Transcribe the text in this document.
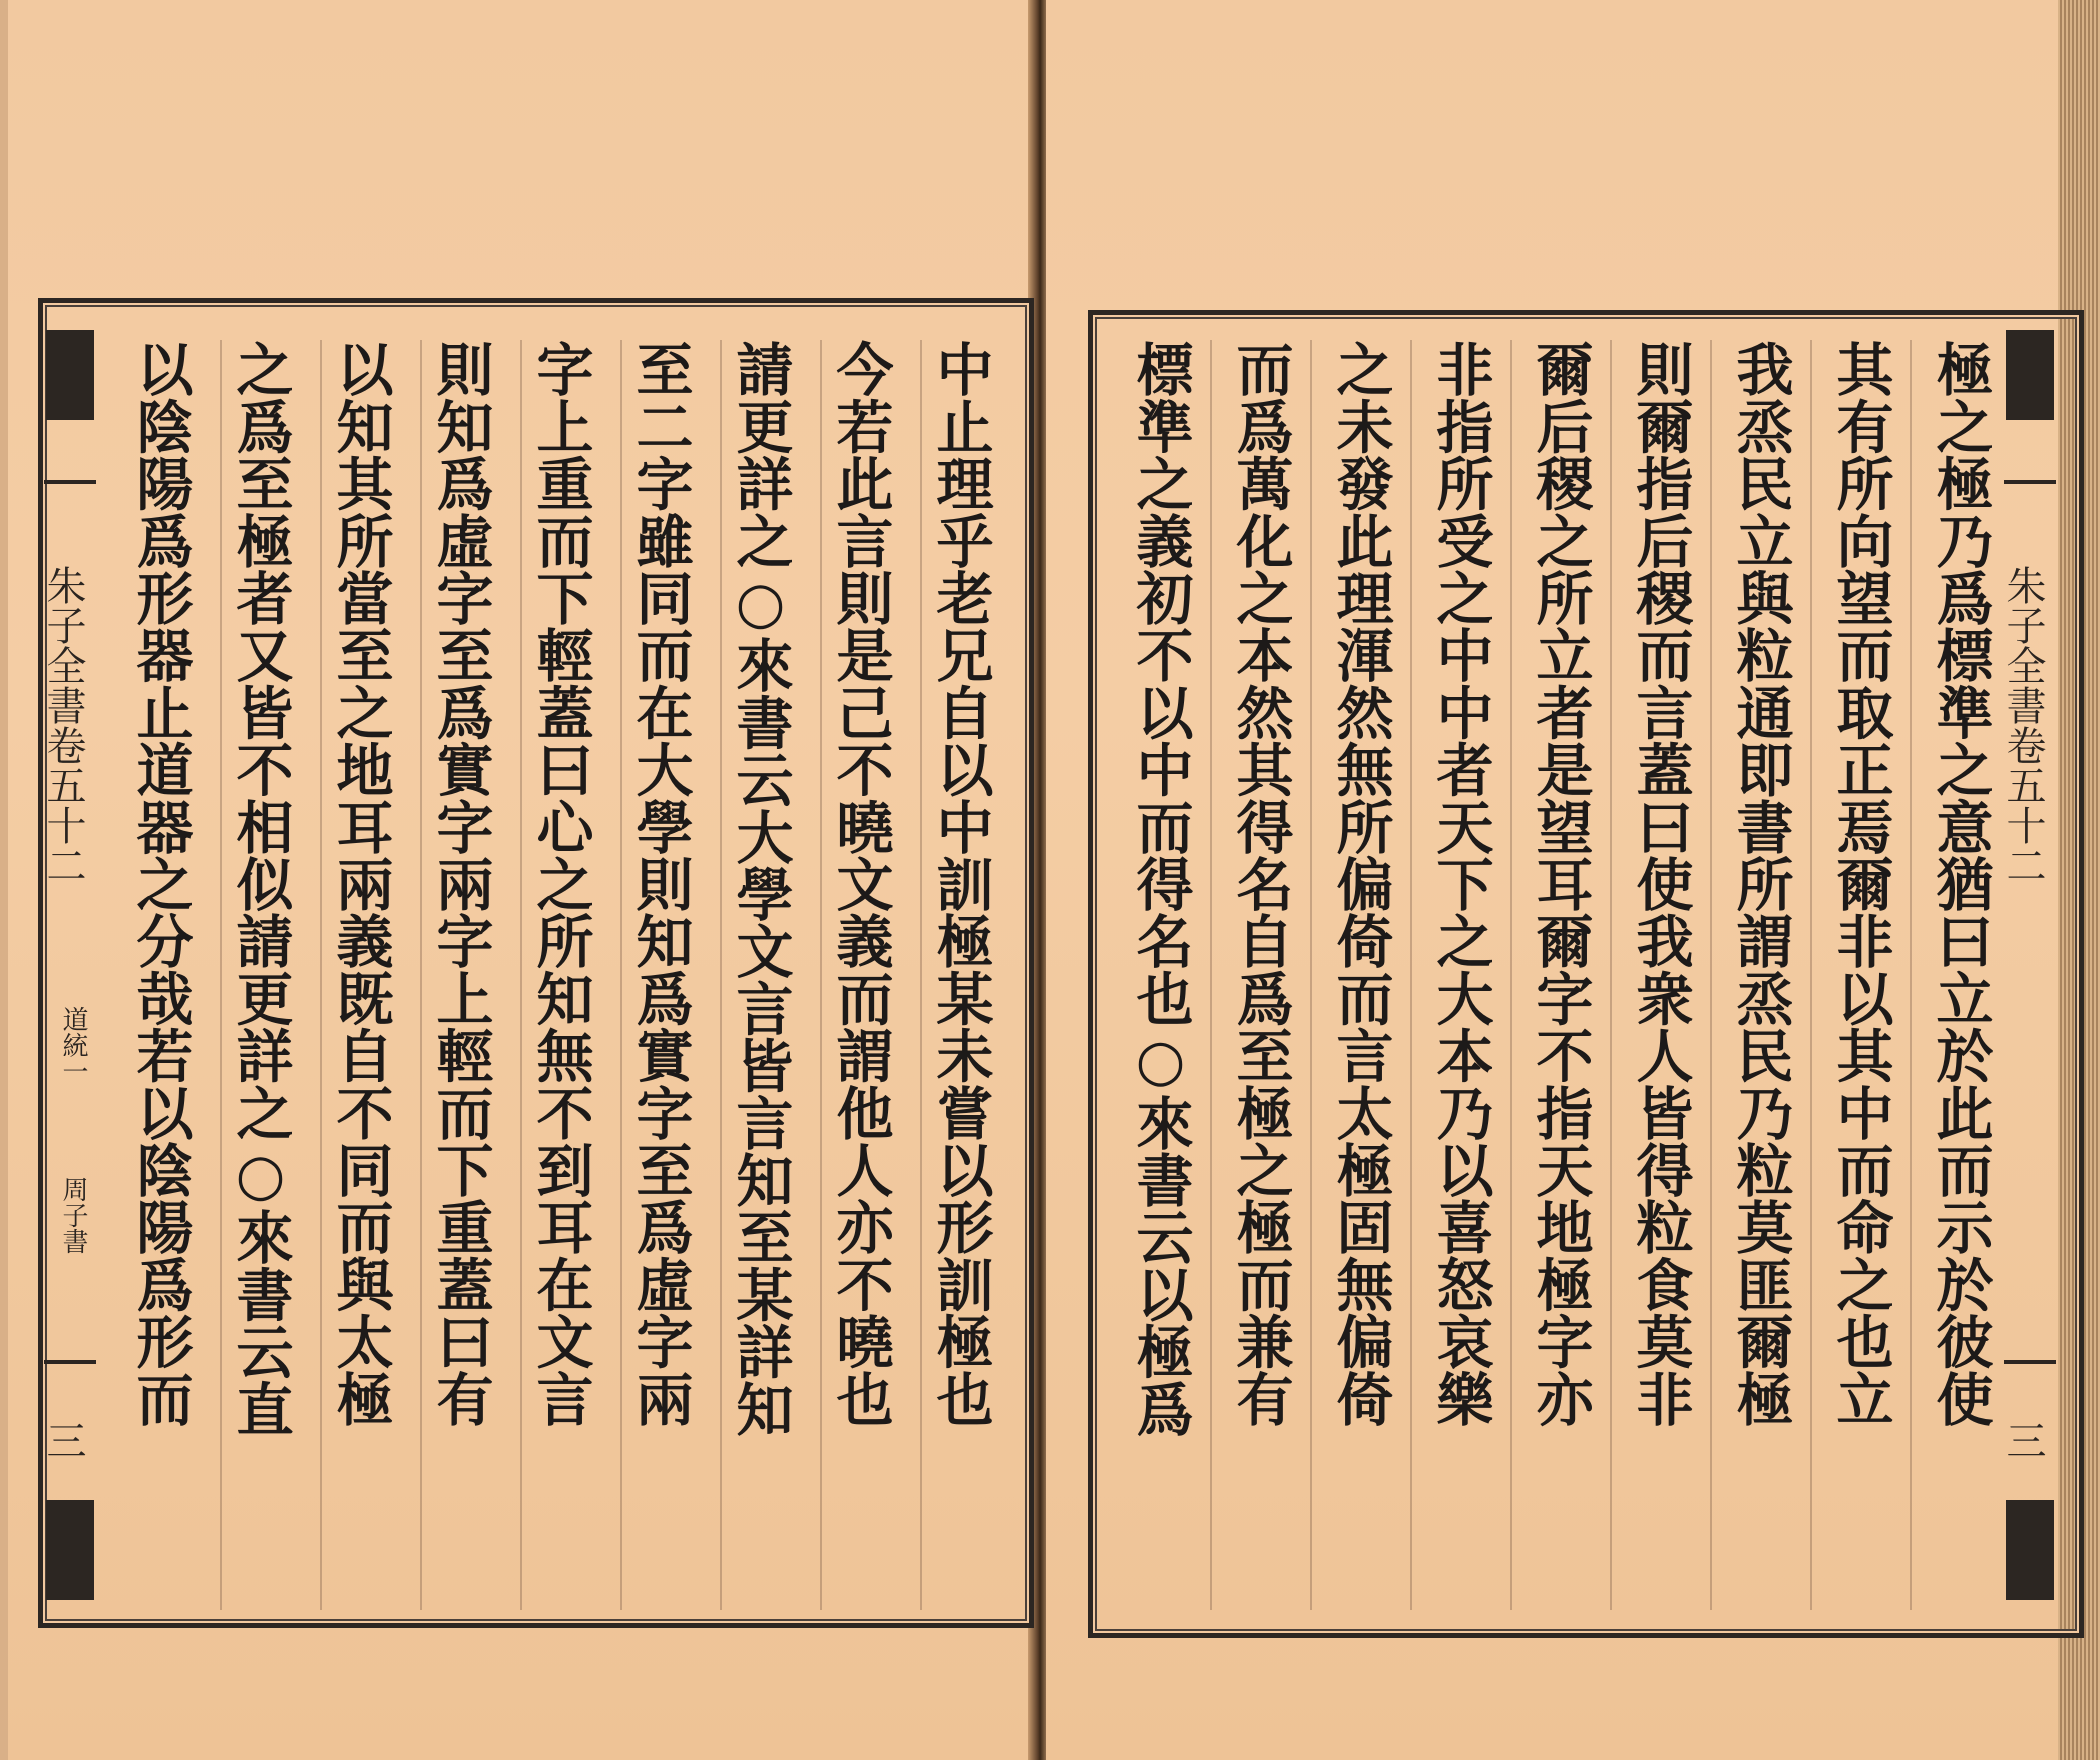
朱子全書卷五十二
道統一
周子書
三
朱子全書卷五十二
三
中止理乎老兄自以中訓極某未嘗以形訓極也
今若此言則是己不曉文義而謂他人亦不曉也
請更詳之○來書云大學文言皆言知至某詳知
至二字雖同而在大學則知爲實字至爲虛字兩
字上重而下輕蓋曰心之所知無不到耳在文言
則知爲虛字至爲實字兩字上輕而下重蓋曰有
以知其所當至之地耳兩義既自不同而與太極
之爲至極者又皆不相似請更詳之○來書云直
以陰陽爲形器止道器之分哉若以陰陽爲形而	極之極乃爲標準之意猶曰立於此而示於彼使
其有所向望而取正焉爾非以其中而命之也立
我烝民立與粒通即書所謂烝民乃粒莫匪爾極
則爾指后稷而言蓋曰使我衆人皆得粒食莫非
爾后稷之所立者是望耳爾字不指天地極字亦
非指所受之中中者天下之大本乃以喜怒哀樂
之未發此理渾然無所偏倚而言太極固無偏倚
而爲萬化之本然其得名自爲至極之極而兼有
標準之義初不以中而得名也○來書云以極爲
